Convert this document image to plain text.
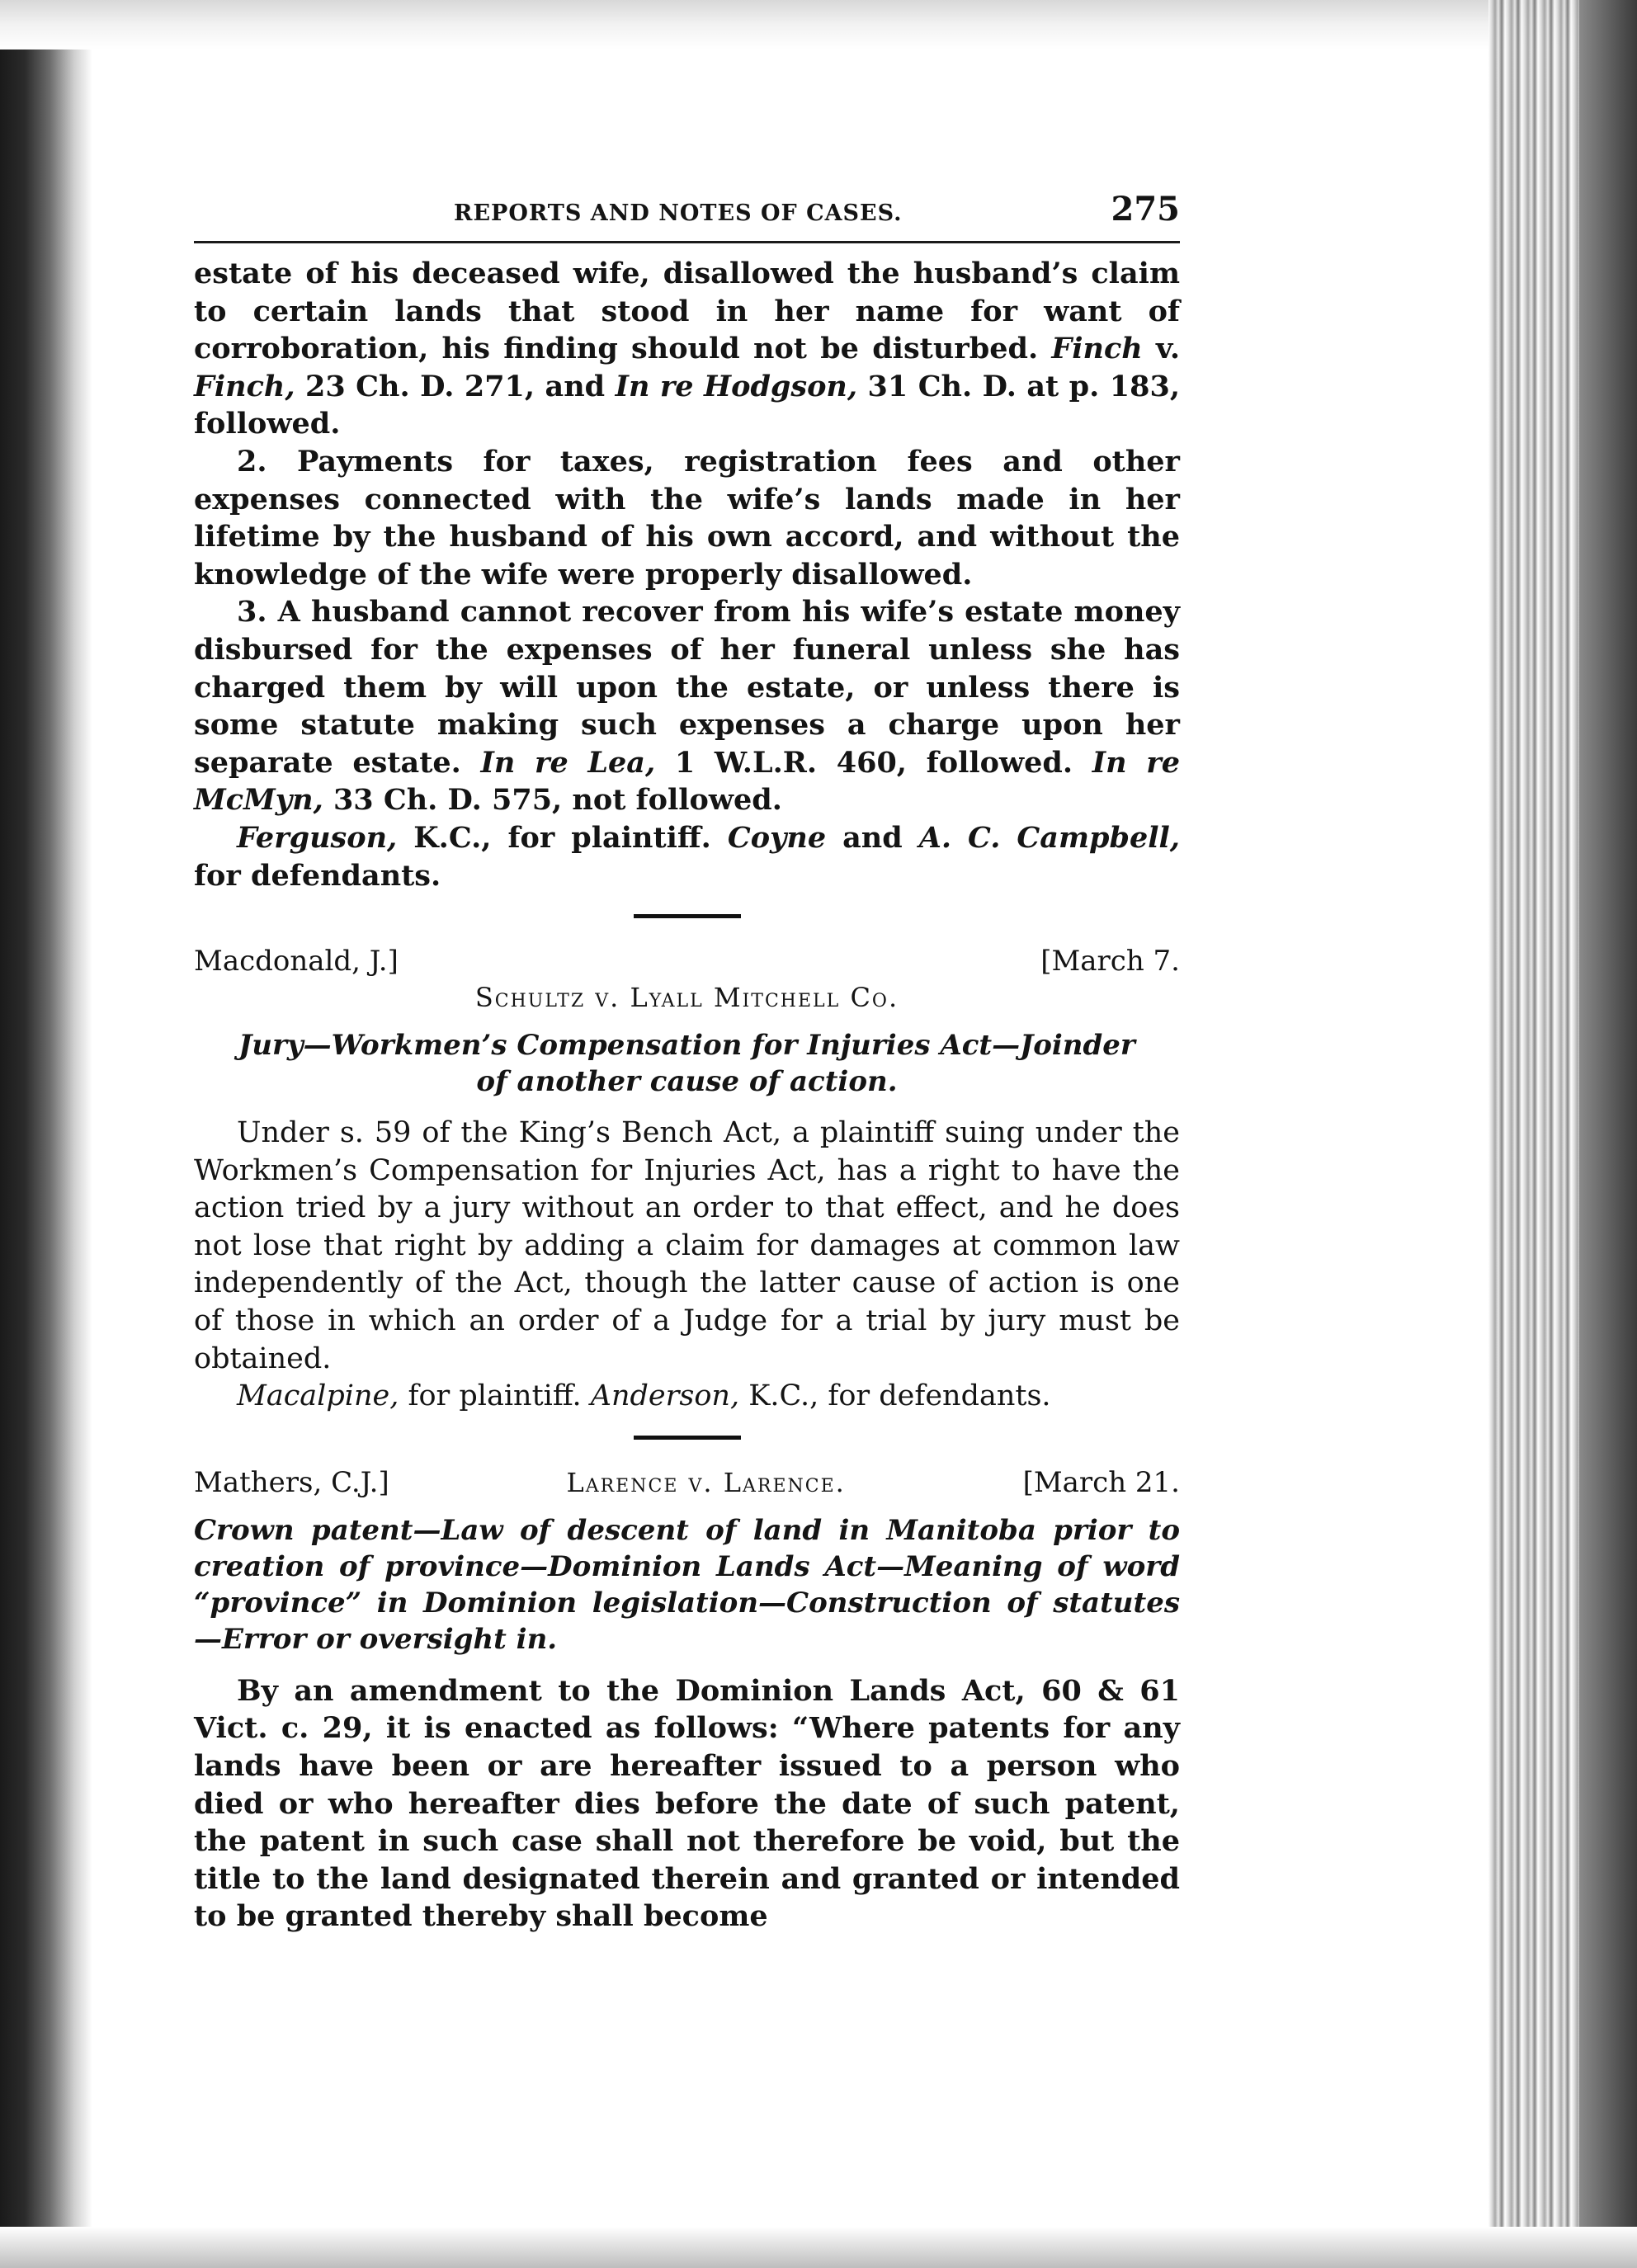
REPORTS AND NOTES OF CASES.	275

estate of his deceased wife, disallowed the husband’s claim to certain lands that stood in her name for want of corroboration, his finding should not be disturbed. Finch v. Finch, 23 Ch. D. 271, and In re Hodgson, 31 Ch. D. at p. 183, followed.

2. Payments for taxes, registration fees and other expenses connected with the wife’s lands made in her lifetime by the husband of his own accord, and without the knowledge of the wife were properly disallowed.

3. A husband cannot recover from his wife’s estate money disbursed for the expenses of her funeral unless she has charged them by will upon the estate, or unless there is some statute making such expenses a charge upon her separate estate. In re Lea, 1 W.L.R. 460, followed. In re McMyn, 33 Ch. D. 575, not followed.

Ferguson, K.C., for plaintiff. Coyne and A. C. Campbell, for defendants.

Macdonald, J.]	[March 7.
Schultz v. Lyall Mitchell Co.

Jury—Workmen’s Compensation for Injuries Act—Joinder of another cause of action.

Under s. 59 of the King’s Bench Act, a plaintiff suing under the Workmen’s Compensation for Injuries Act, has a right to have the action tried by a jury without an order to that effect, and he does not lose that right by adding a claim for damages at common law independently of the Act, though the latter cause of action is one of those in which an order of a Judge for a trial by jury must be obtained.

Macalpine, for plaintiff. Anderson, K.C., for defendants.

Mathers, C.J.]	Larence v. Larence.	[March 21.

Crown patent—Law of descent of land in Manitoba prior to creation of province—Dominion Lands Act—Meaning of word “province” in Dominion legislation—Construction of statutes—Error or oversight in.

By an amendment to the Dominion Lands Act, 60 & 61 Vict. c. 29, it is enacted as follows: “Where patents for any lands have been or are hereafter issued to a person who died or who hereafter dies before the date of such patent, the patent in such case shall not therefore be void, but the title to the land designated therein and granted or intended to be granted thereby shall become
